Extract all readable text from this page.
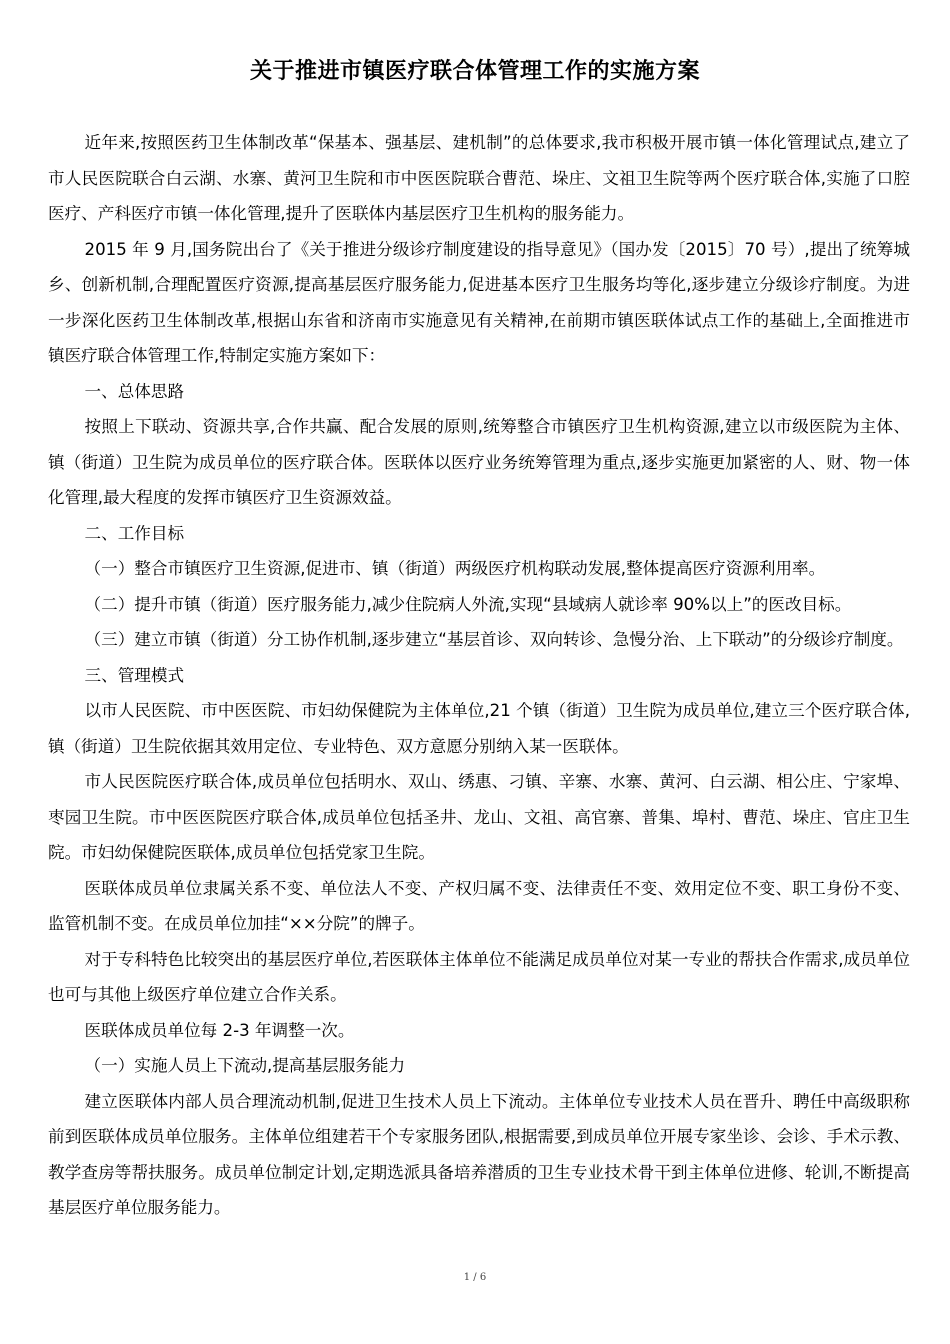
关于推进市镇医疗联合体管理工作的实施方案

近年来,按照医药卫生体制改革“保基本、强基层、建机制”的总体要求,我市积极开展市镇一体化管理试点,建立了市人民医院联合白云湖、水寨、黄河卫生院和市中医医院联合曹范、垛庄、文祖卫生院等两个医疗联合体,实施了口腔医疗、产科医疗市镇一体化管理,提升了医联体内基层医疗卫生机构的服务能力。

2015 年 9 月,国务院出台了《关于推进分级诊疗制度建设的指导意见》（国办发〔2015〕70 号）,提出了统筹城乡、创新机制,合理配置医疗资源,提高基层医疗服务能力,促进基本医疗卫生服务均等化,逐步建立分级诊疗制度。为进一步深化医药卫生体制改革,根据山东省和济南市实施意见有关精神,在前期市镇医联体试点工作的基础上,全面推进市镇医疗联合体管理工作,特制定实施方案如下：

一、总体思路

按照上下联动、资源共享,合作共赢、配合发展的原则,统筹整合市镇医疗卫生机构资源,建立以市级医院为主体、镇（街道）卫生院为成员单位的医疗联合体。医联体以医疗业务统筹管理为重点,逐步实施更加紧密的人、财、物一体化管理,最大程度的发挥市镇医疗卫生资源效益。

二、工作目标

（一）整合市镇医疗卫生资源,促进市、镇（街道）两级医疗机构联动发展,整体提高医疗资源利用率。

（二）提升市镇（街道）医疗服务能力,减少住院病人外流,实现“县域病人就诊率 90%以上”的医改目标。

（三）建立市镇（街道）分工协作机制,逐步建立“基层首诊、双向转诊、急慢分治、上下联动”的分级诊疗制度。

三、管理模式

以市人民医院、市中医医院、市妇幼保健院为主体单位,21 个镇（街道）卫生院为成员单位,建立三个医疗联合体,镇（街道）卫生院依据其效用定位、专业特色、双方意愿分别纳入某一医联体。

市人民医院医疗联合体,成员单位包括明水、双山、绣惠、刁镇、辛寨、水寨、黄河、白云湖、相公庄、宁家埠、枣园卫生院。市中医医院医疗联合体,成员单位包括圣井、龙山、文祖、高官寨、普集、埠村、曹范、垛庄、官庄卫生院。市妇幼保健院医联体,成员单位包括党家卫生院。

医联体成员单位隶属关系不变、单位法人不变、产权归属不变、法律责任不变、效用定位不变、职工身份不变、监管机制不变。在成员单位加挂“××分院”的牌子。

对于专科特色比较突出的基层医疗单位,若医联体主体单位不能满足成员单位对某一专业的帮扶合作需求,成员单位也可与其他上级医疗单位建立合作关系。

医联体成员单位每 2-3 年调整一次。

（一）实施人员上下流动,提高基层服务能力

建立医联体内部人员合理流动机制,促进卫生技术人员上下流动。主体单位专业技术人员在晋升、聘任中高级职称前到医联体成员单位服务。主体单位组建若干个专家服务团队,根据需要,到成员单位开展专家坐诊、会诊、手术示教、教学查房等帮扶服务。成员单位制定计划,定期选派具备培养潜质的卫生专业技术骨干到主体单位进修、轮训,不断提高基层医疗单位服务能力。

1 / 6
